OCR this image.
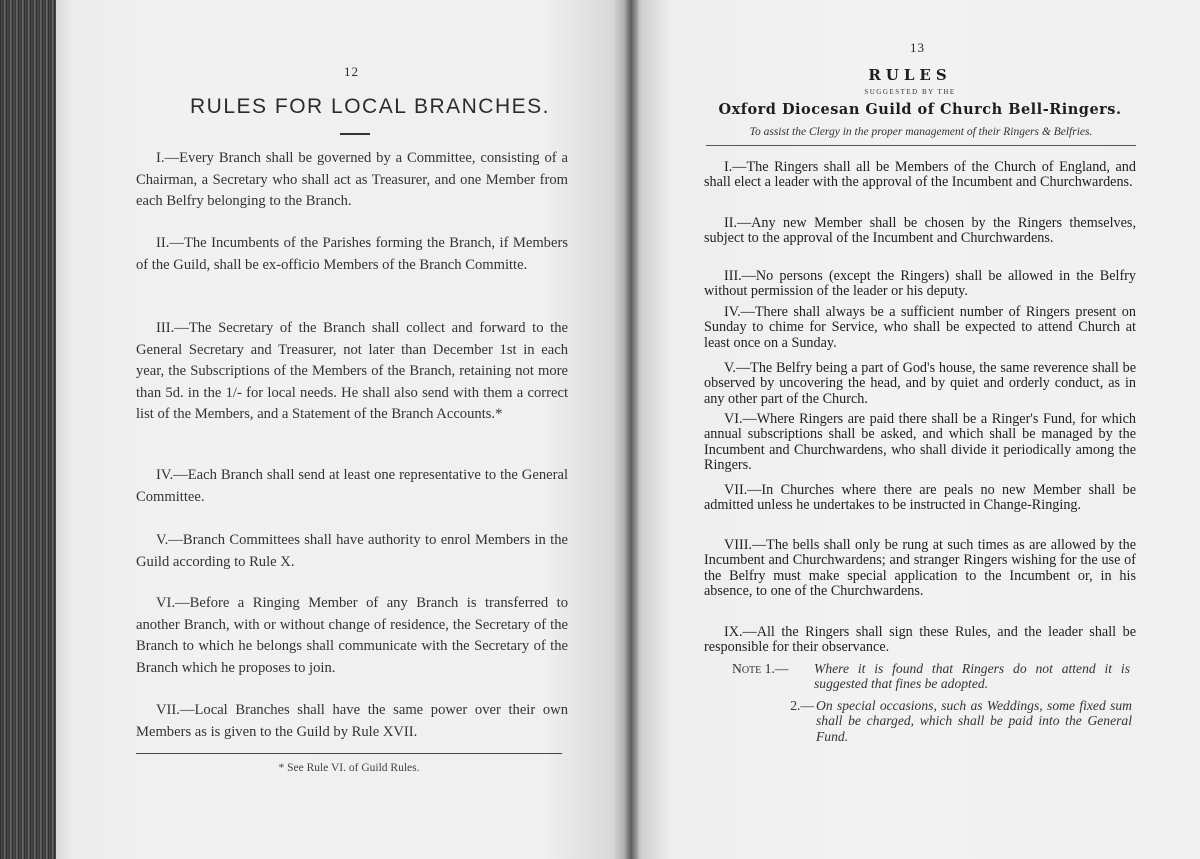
12
RULES FOR LOCAL BRANCHES.

I.—Every Branch shall be governed by a Committee, consisting of a Chairman, a Secretary who shall act as Treasurer, and one Member from each Belfry belonging to the Branch.

II.—The Incumbents of the Parishes forming the Branch, if Members of the Guild, shall be ex-officio Members of the Branch Committe.

III.—The Secretary of the Branch shall collect and forward to the General Secretary and Treasurer, not later than December 1st in each year, the Subscriptions of the Members of the Branch, retaining not more than 5d. in the 1/- for local needs. He shall also send with them a correct list of the Members, and a Statement of the Branch Accounts.*

IV.—Each Branch shall send at least one representative to the General Committee.

V.—Branch Committees shall have authority to enrol Members in the Guild according to Rule X.

VI.—Before a Ringing Member of any Branch is transferred to another Branch, with or without change of residence, the Secretary of the Branch to which he belongs shall communicate with the Secretary of the Branch which he proposes to join.

VII.—Local Branches shall have the same power over their own Members as is given to the Guild by Rule XVII.

* See Rule VI. of Guild Rules.
13
RULES
SUGGESTED BY THE
Oxford Diocesan Guild of Church Bell-Ringers.
To assist the Clergy in the proper management of their Ringers & Belfries.

I.—The Ringers shall all be Members of the Church of England, and shall elect a leader with the approval of the Incumbent and Churchwardens.

II.—Any new Member shall be chosen by the Ringers themselves, subject to the approval of the Incumbent and Churchwardens.

III.—No persons (except the Ringers) shall be allowed in the Belfry without permission of the leader or his deputy.

IV.—There shall always be a sufficient number of Ringers present on Sunday to chime for Service, who shall be expected to attend Church at least once on a Sunday.

V.—The Belfry being a part of God's house, the same reverence shall be observed by uncovering the head, and by quiet and orderly conduct, as in any other part of the Church.

VI.—Where Ringers are paid there shall be a Ringer's Fund, for which annual subscriptions shall be asked, and which shall be managed by the Incumbent and Churchwardens, who shall divide it periodically among the Ringers.

VII.—In Churches where there are peals no new Member shall be admitted unless he undertakes to be instructed in Change-Ringing.

VIII.—The bells shall only be rung at such times as are allowed by the Incumbent and Churchwardens; and stranger Ringers wishing for the use of the Belfry must make special application to the Incumbent or, in his absence, to one of the Churchwardens.

IX.—All the Ringers shall sign these Rules, and the leader shall be responsible for their observance.

Note 1.— Where it is found that Ringers do not attend it is suggested that fines be adopted.
2.— On special occasions, such as Weddings, some fixed sum shall be charged, which shall be paid into the General Fund.
